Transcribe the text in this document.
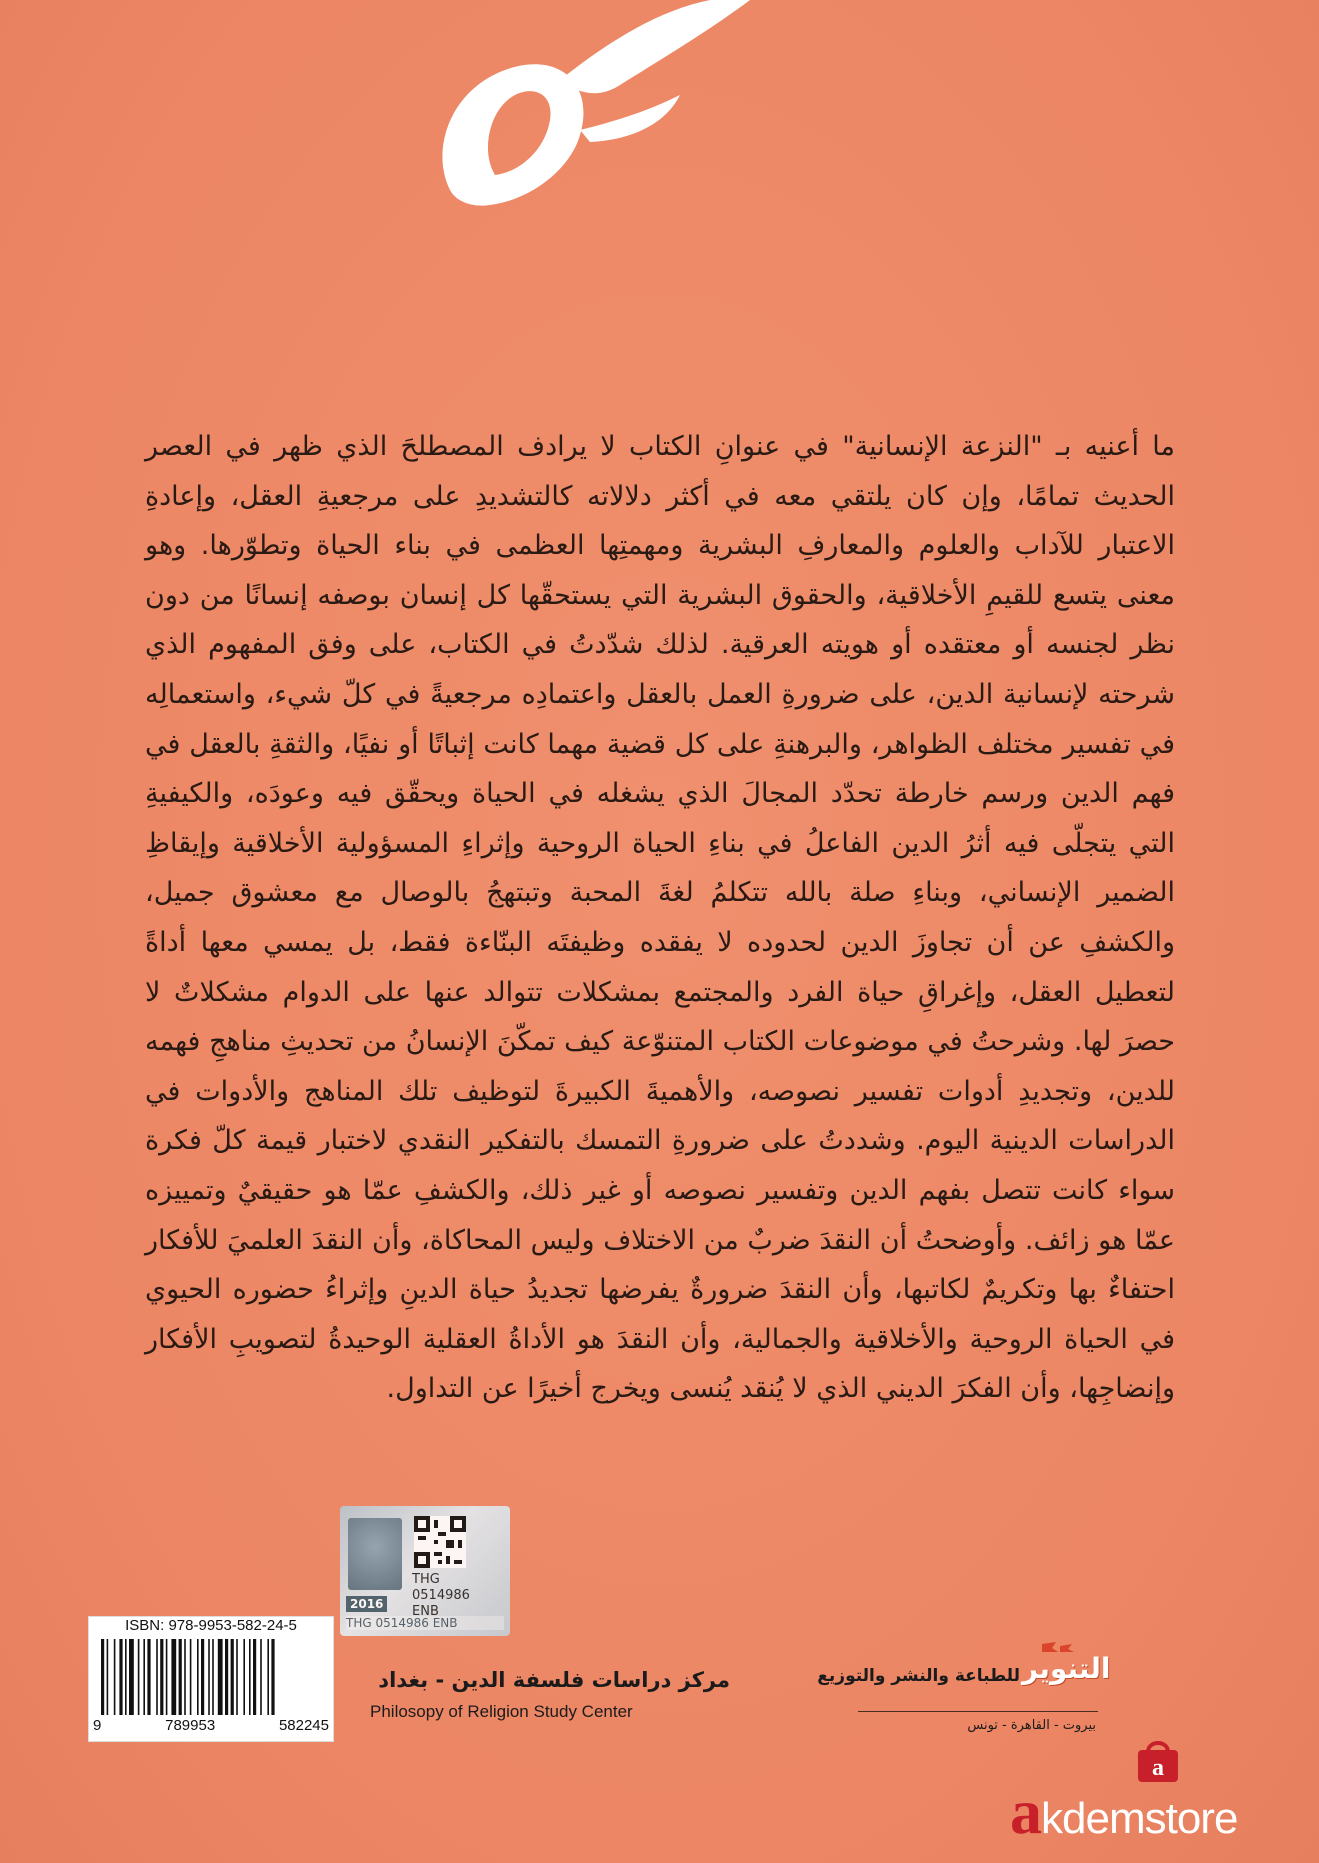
ما أعنيه بـ "النزعة الإنسانية" في عنوانِ الكتاب لا يرادف المصطلحَ الذي ظهر في العصر الحديث تمامًا، وإن كان يلتقي معه في أكثر دلالاته كالتشديدِ على مرجعيةِ العقل، وإعادةِ الاعتبار للآداب والعلوم والمعارفِ البشرية ومهمتِها العظمى في بناء الحياة وتطوّرها. وهو معنى يتسع للقيمِ الأخلاقية، والحقوق البشرية التي يستحقّها كل إنسان بوصفه إنسانًا من دون نظر لجنسه أو معتقده أو هويته العرقية. لذلك شدّدتُ في الكتاب، على وفق المفهوم الذي شرحته لإنسانية الدين، على ضرورةِ العمل بالعقل واعتمادِه مرجعيةً في كلّ شيء، واستعمالِه في تفسير مختلف الظواهر، والبرهنةِ على كل قضية مهما كانت إثباتًا أو نفيًا، والثقةِ بالعقل في فهم الدين ورسم خارطة تحدّد المجالَ الذي يشغله في الحياة ويحقّق فيه وعودَه، والكيفيةِ التي يتجلّى فيه أثرُ الدين الفاعلُ في بناءِ الحياة الروحية وإثراءِ المسؤولية الأخلاقية وإيقاظِ الضمير الإنساني، وبناءِ صلة بالله تتكلمُ لغةَ المحبة وتبتهجُ بالوصال مع معشوق جميل، والكشفِ عن أن تجاوزَ الدين لحدوده لا يفقده وظيفتَه البنّاءة فقط، بل يمسي معها أداةً لتعطيل العقل، وإغراقِ حياة الفرد والمجتمع بمشكلات تتوالد عنها على الدوام مشكلاتٌ لا حصرَ لها. وشرحتُ في موضوعات الكتاب المتنوّعة كيف تمكّنَ الإنسانُ من تحديثِ مناهجِ فهمه للدين، وتجديدِ أدوات تفسير نصوصه، والأهميةَ الكبيرةَ لتوظيف تلك المناهج والأدوات في الدراسات الدينية اليوم. وشددتُ على ضرورةِ التمسك بالتفكير النقدي لاختبار قيمة كلّ فكرة سواء كانت تتصل بفهم الدين وتفسير نصوصه أو غير ذلك، والكشفِ عمّا هو حقيقيٌ وتمييزه عمّا هو زائف. وأوضحتُ أن النقدَ ضربٌ من الاختلاف وليس المحاكاة، وأن النقدَ العلميَ للأفكار احتفاءٌ بها وتكريمٌ لكاتبها، وأن النقدَ ضرورةٌ يفرضها تجديدُ حياة الدينِ وإثراءُ حضوره الحيوي في الحياة الروحية والأخلاقية والجمالية، وأن النقدَ هو الأداةُ العقلية الوحيدةُ لتصويبِ الأفكار وإنضاجِها، وأن الفكرَ الديني الذي لا يُنقد يُنسى ويخرج أخيرًا عن التداول.

THG
0514986
ENB
2016
THG 0514986 ENB
ISBN: 978-9953-582-24-5
9	789953	582245
مركز دراسات فلسفة الدين - بغداد
Philosopy of Religion Study Center
التنوير
للطباعة والنشر والتوزيع
بيروت - القاهرة - تونس
a
akdemstore
